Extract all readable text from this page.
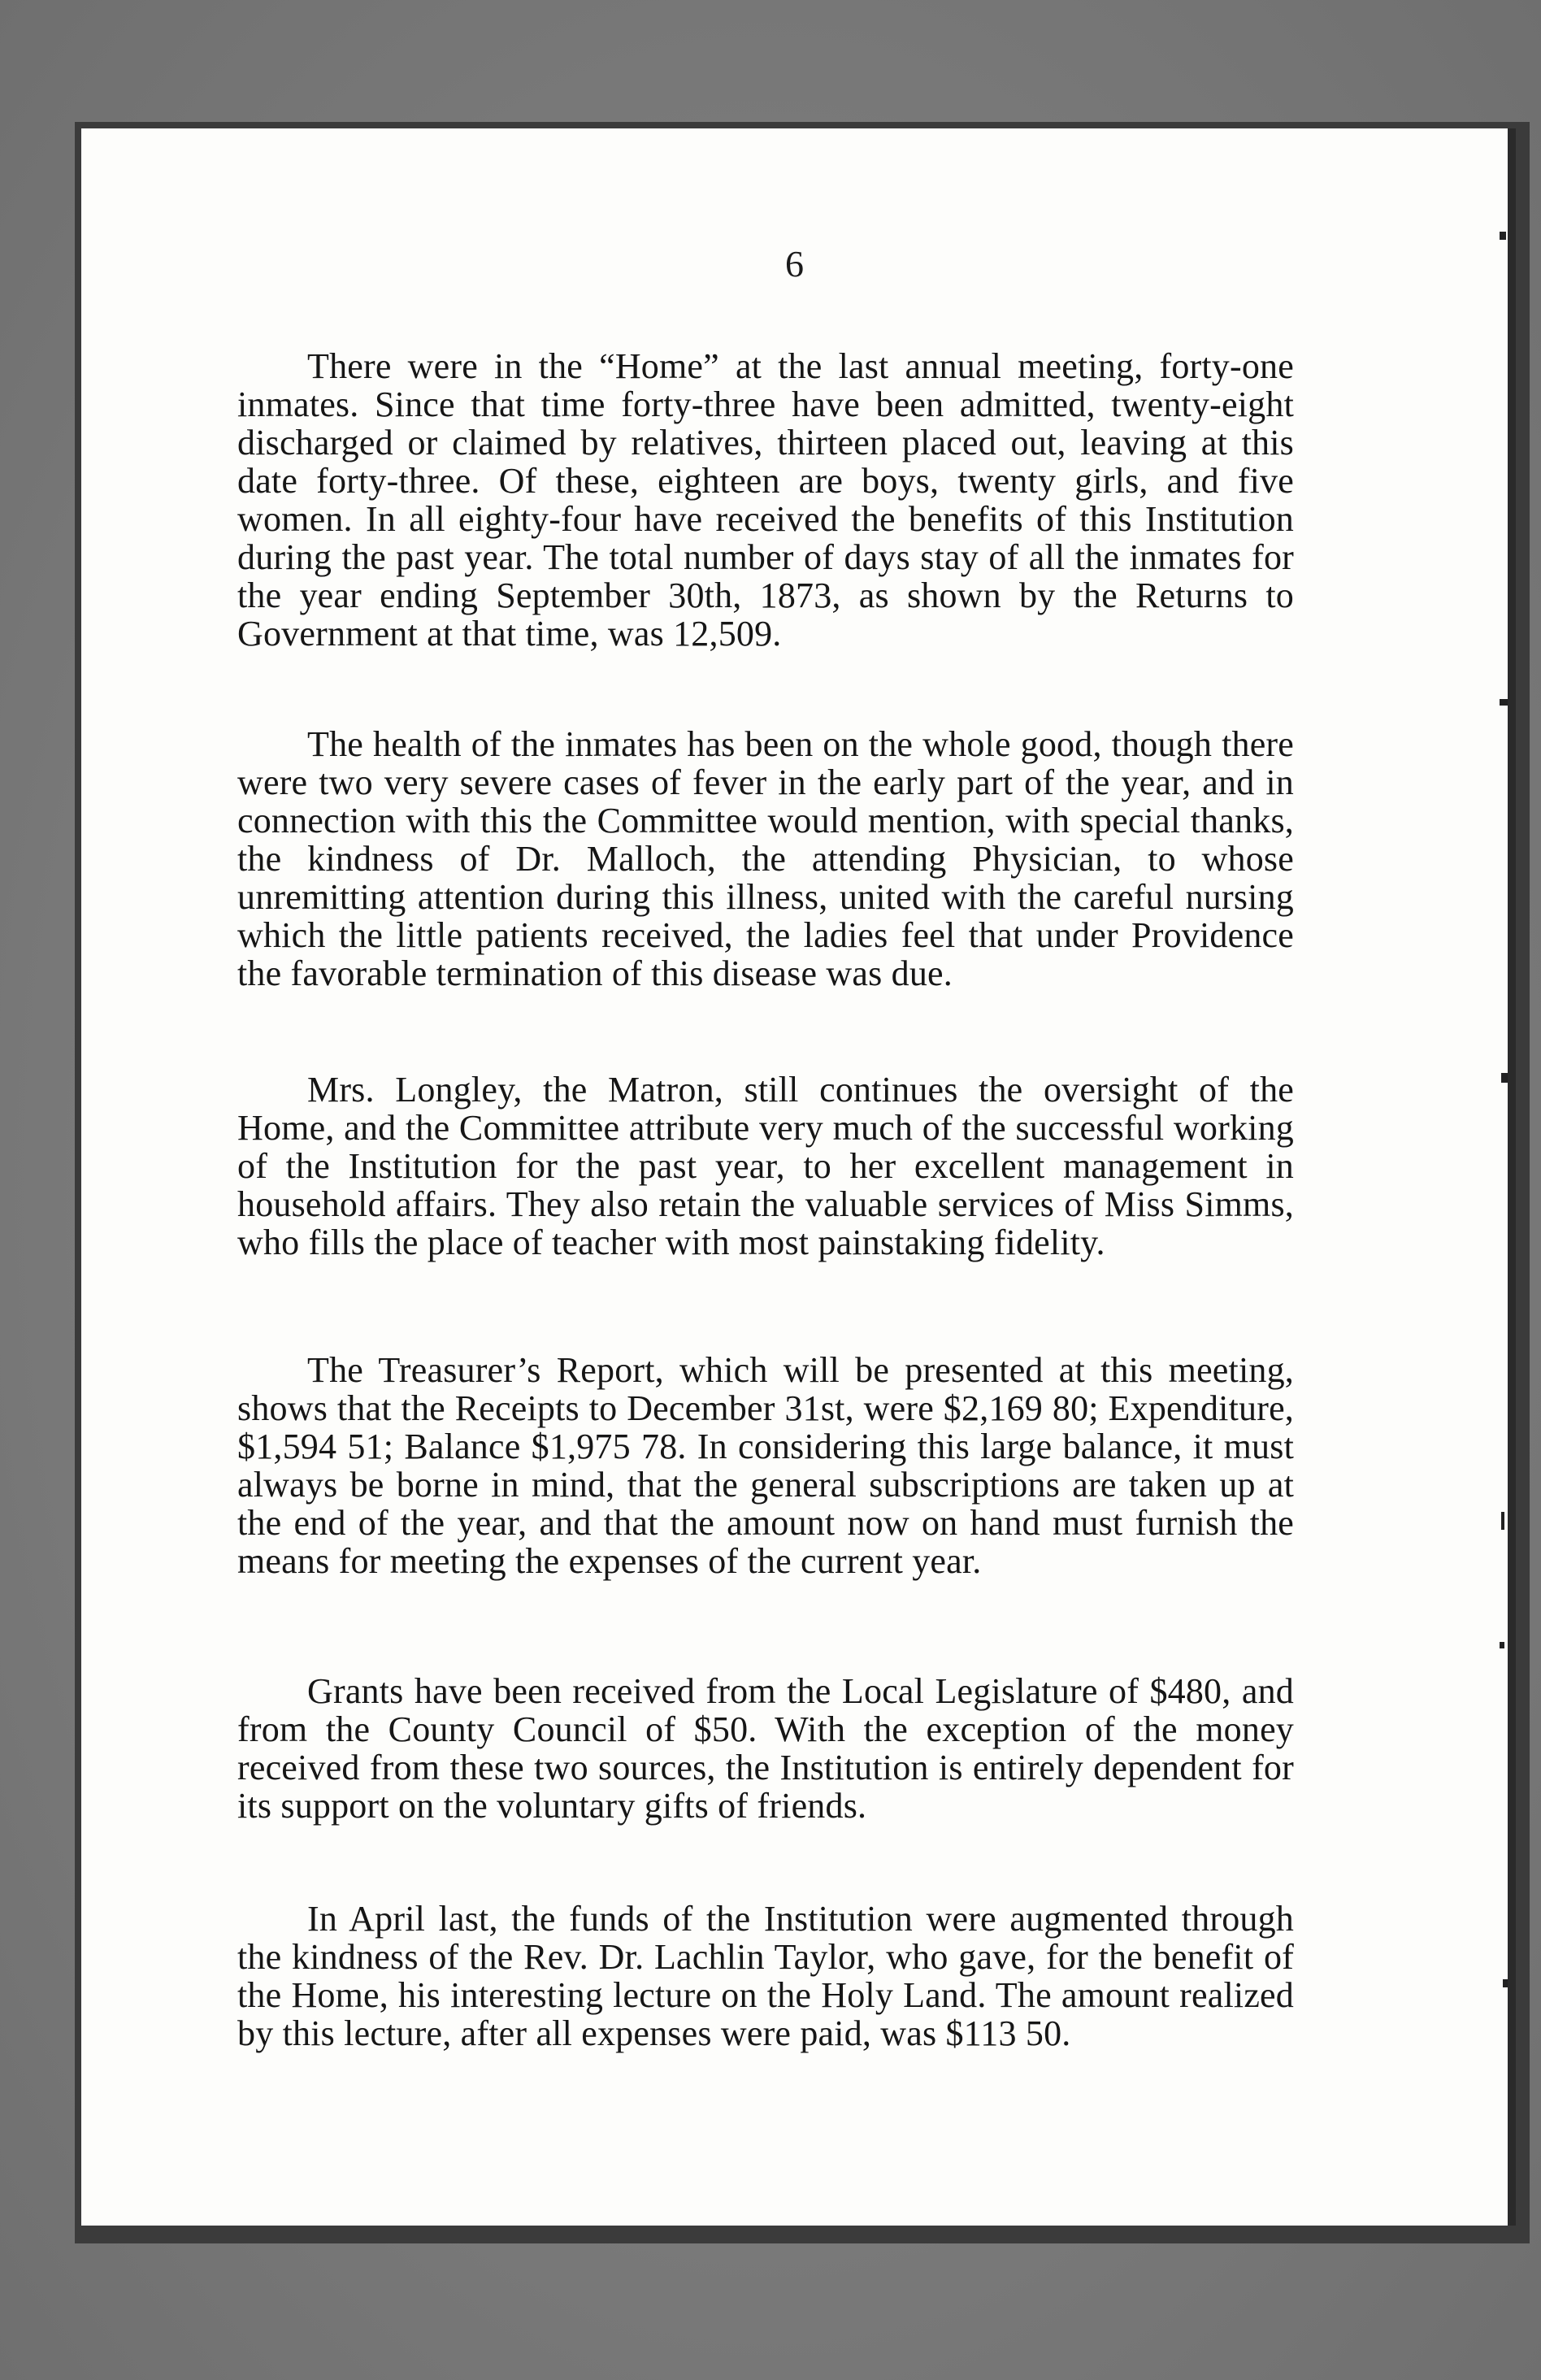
6

There were in the “Home” at the last annual meeting, forty-one inmates. Since that time forty-three have been admitted, twenty-eight discharged or claimed by relatives, thirteen placed out, leaving at this date forty-three. Of these, eighteen are boys, twenty girls, and five women. In all eighty-four have received the benefits of this Institution during the past year. The total number of days stay of all the inmates for the year ending September 30th, 1873, as shown by the Returns to Government at that time, was 12,509.

The health of the inmates has been on the whole good, though there were two very severe cases of fever in the early part of the year, and in connection with this the Committee would mention, with special thanks, the kindness of Dr. Malloch, the attending Physician, to whose unremitting attention during this illness, united with the careful nursing which the little patients received, the ladies feel that under Providence the favorable termination of this disease was due.

Mrs. Longley, the Matron, still continues the oversight of the Home, and the Committee attribute very much of the successful working of the Institution for the past year, to her excellent management in household affairs. They also retain the valuable services of Miss Simms, who fills the place of teacher with most painstaking fidelity.

The Treasurer’s Report, which will be presented at this meeting, shows that the Receipts to December 31st, were $2,169 80; Expenditure, $1,594 51; Balance $1,975 78. In considering this large balance, it must always be borne in mind, that the general subscriptions are taken up at the end of the year, and that the amount now on hand must furnish the means for meeting the expenses of the current year.

Grants have been received from the Local Legislature of $480, and from the County Council of $50. With the exception of the money received from these two sources, the Institution is entirely dependent for its support on the voluntary gifts of friends.

In April last, the funds of the Institution were augmented through the kindness of the Rev. Dr. Lachlin Taylor, who gave, for the benefit of the Home, his interesting lecture on the Holy Land. The amount realized by this lecture, after all expenses were paid, was $113 50.
